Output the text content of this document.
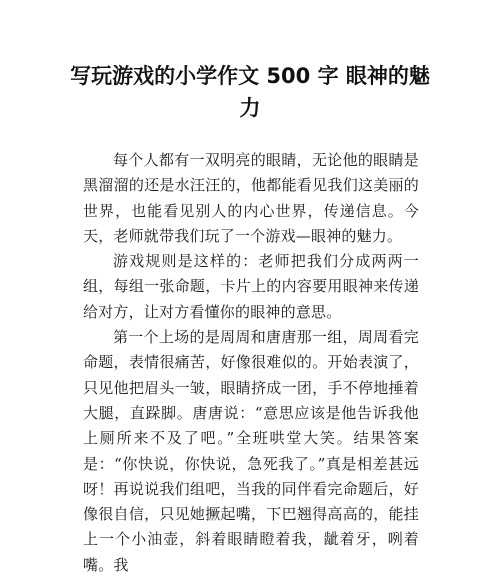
写玩游戏的小学作文 500 字 眼神的魅力

每个人都有一双明亮的眼睛，无论他的眼睛是黑溜溜的还是水汪汪的，他都能看见我们这美丽的世界，也能看见别人的内心世界，传递信息。今天，老师就带我们玩了一个游戏—眼神的魅力。

游戏规则是这样的：老师把我们分成两两一组，每组一张命题，卡片上的内容要用眼神来传递给对方，让对方看懂你的眼神的意思。

第一个上场的是周周和唐唐那一组，周周看完命题，表情很痛苦，好像很难似的。开始表演了，只见他把眉头一皱，眼睛挤成一团，手不停地捶着大腿，直跺脚。唐唐说：“意思应该是他告诉我他上厕所来不及了吧。”全班哄堂大笑。结果答案是：“你快说，你快说，急死我了。”真是相差甚远呀！再说说我们组吧，当我的同伴看完命题后，好像很自信，只见她撅起嘴，下巴翘得高高的，能挂上一个小油壶，斜着眼睛瞪着我，龇着牙，咧着嘴。我
